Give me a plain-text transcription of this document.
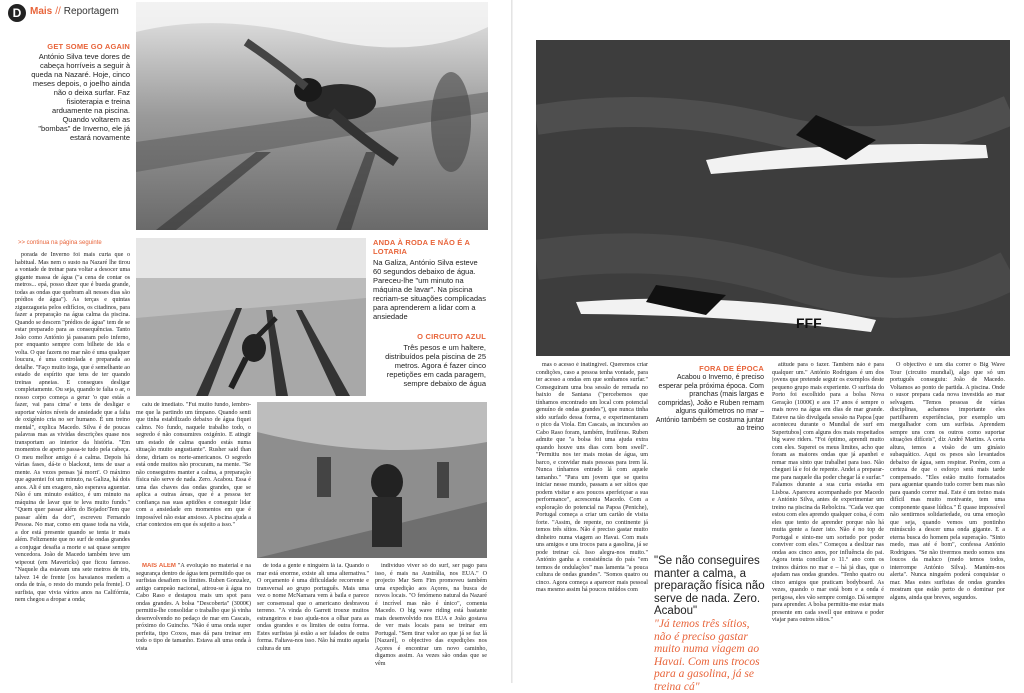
D Mais // Reportagem
GET SOME GO AGAIN
António Silva teve dores de cabeça horríveis a seguir à queda na Nazaré. Hoje, cinco meses depois, o joelho ainda não o deixa surfar. Faz fisioterapia e treina arduamente na piscina. Quando voltarem as "bombas" de Inverno, ele já estará novamente
>> continua na página seguinte	ANDA À RODA E NÃO É A LOTARIA
Na Galiza, António Silva esteve 60 segundos debaixo de água. Pareceu-lhe "um minuto na máquina de lavar". Na piscina recriam-se situações complicadas para aprenderem a lidar com a ansiedade
O CIRCUITO AZUL
Três pesos e um haltere, distribuídos pela piscina de 25 metros. Agora é fazer cinco repetições em cada paragem, sempre debaixo de água
FFF

porada de Inverno foi mais curta que o habitual. Mas nem o susto na Nazaré lhe tirou a vontade de treinar para voltar a desocer uma gigante massa de água ("a cena de contar os metros... epá, posso dizer que é bueda grande, todas as ondas que quebram ali nesses dias são prédios de água"). As terças e quintas ziguezagueia pelos edifícios, os citadinos, para fazer a preparação na água calma da piscina. Quando se descem "prédios de água" tem de se estar preparado para as consequências. Tanto João como António já passaram pelo inferno, por enquanto sempre com bilhete de ida e volta. O que fazem no mar não é uma qualquer loucura, é uma controlada e preparada ao detalhe. "Faço muito ioga, que é semelhante ao estado de espírito que tens de ter quando treinas apneias. E consegues desligar completamente. Ou seja, quando te falta o ar, o nosso corpo começa a gerar 'o que estás a fazer, vai para cima' e tens de desligar e suportar vários níveis de ansiedade que a falta de oxigénio cria no ser humano. É um treino mental", explica Macedo. Silva é de poucas palavras mas as vividas descrições quase nos transportam ao interior da história. "Em momentos de aperto passa-te tudo pela cabeça. O meu melhor amigo é a calma. Depois há várias fases, dá-te o blackout, tens de usar a mente. As vezes pensas 'já morri'. O máximo que aguentei foi um minuto, na Galiza, há dois anos. Ali é um exagero, não esperava aguentar. Não é um minuto estático, é um minuto na máquina de lavar que te leva muito fundo." "Quem quer passar além do Bojador/Tem que passar além da dor", escreveu Fernando Pessoa. No mar, como em quase toda na vida, a dor está presente quando se tenta ir mais além. Felizmente que no surf de ondas grandes a conjugar desafia a morte e sai quase sempre vencedora. João de Macedo também teve um wipeout (em Mavericks) que ficou famoso. "Naquele dia estavam uns sete metros de tris, talvez 14 de frente [os havaianos medem a onda de trás, o resto do mundo pela frente]. O surfista, que vivia vários anos na Califórnia, nem chegou a dropar a onda;

caiu de imediato. "Fui muito fundo, lembro-me que la partindo um tímpano. Quando senti que tinha estabilizado debaixo de água fiquei calmo. No fundo, naquele trabalho todo, o segredo é não consumires oxigénio. E atingir um estado de calma quando estás numa situação muito angustiante". Rusher said than done, diriam os norte-americanos. O segredo está onde muitos não procuram, na mente. "Se não conseguires manter a calma, a preparação física não serve de nada. Zero. Acabou. Essa é uma das chaves das ondas grandes, que se aplica a outras áreas, que é a pessoa ter confiança nas suas aptidões e conseguir lidar com a ansiedade em momentos em que é impossível não estar ansioso. A piscina ajuda a criar contextos em que és sujeito a isso."

MAIS ALÉM "A evolução no material e na segurança dentro de água tem permitido que os surfistas desafiem os limites. Ruben Gonzalez, antigo campeão nacional, atirou-se à água no Cabo Raso e destapou mais um spot para ondas grandes. A bolsa "Descoberta" (3000€) permitiu-lhe consolidar o trabalho que já vinha desenvolvendo no pedaço de mar em Cascais, próximo do Guincho. "Não é uma onda super perfeita, tipo Coxos, mas dá para treinar em todo o tipo de tamanho. Estava ali uma onda à vista

de toda a gente e ninguém lá ia. Quando o mar está enorme, existe ali uma alternativa." O orçamento é uma dificuldade recorrente e transversal ao grupo português. Mais uma vez o nome McNamara vem à baila e parece ser consensual que o americano desbravou terreno. "A vinda do Garrett trouxe muitos estrangeiros e isso ajuda-nos a olhar para as ondas grandes e os limites de outra forma. Estes surfistas já estão a ser falados de outra forma. Faltava-nos isso. Não há muito aquela cultura de um

indivíduo viver só do surf, ser pago para isso, é mais na Austrália, nos EUA." O projecto Mar Sem Fim promoveu também uma expedição aos Açores, na busca de novos locais. "O fenómeno natural da Nazaré é incrível mas não é único", comenta Macedo. O big wave riding está bastante mais desenvolvido nos EUA e João gostava de ver mais locais para se treinar em Portugal. "Sem tirar valor ao que já se faz lá [Nazaré], o objectivo das expedições nos Açores é encontrar um novo caminho, digamos assim. As vezes são ondas que se vêm

mas o acesso é inatingível. Queremos criar condições, caso a pessoa tenha vontade, para ter acesso a ondas em que sonhamos surfar." Conseguiram uma boa sessão de remada no baixio de Santana ("percebemos que tínhamos encontrado um local com potencial genuíno de ondas grandes"), que nunca tinha sido surfado dessa forma, e experimentaram o pico da Viola. Em Cascais, as incursões ao Cabo Raso foram, também, frutíferas. Ruben admite que "a bolsa foi uma ajuda extra quando houve uns dias com bom swell". "Permitiu nos ter mais motas de água, um barco, e convidar mais pessoas para irem lá. Nunca tínhamos entrado lá com aquele tamanho." "Para um jovem que se queira iniciar nesse mundo, passam a ser sítios que podem visitar e aos poucos aperfeiçoar a sua performance", acrescenta Macedo. Com a exploração do potencial na Papoa (Peniche), Portugal começa a criar um cartão de visita forte. "Assim, de repente, no continente já temos três sítios. Não é preciso gastar muito dinheiro numa viagem ao Havai. Com mais uns amigos e uns trocos para a gasolina, já se pode treinar cá. Isso alegra-nos muito." António ganha a consistência do país "em termos de ondulações" mas lamenta "a pouca cultura de ondas grandes". "Somos quatro ou cinco. Agora começa a aparecer mais pessoal mas mesmo assim há poucos miúdos com

FORA DE ÉPOCA
Acabou o Inverno, é preciso esperar pela próxima época. Com pranchas (mais largas e compridas), João e Ruben remam alguns quilómetros no mar – António também se costuma juntar ao treino
"Se não conseguires manter a calma, a preparação física não serve de nada. Zero. Acabou"
"Já temos três sítios, não é preciso gastar muito numa viagem ao Havai. Com uns trocos para a gasolina, já se treina cá"

atitude para o fazer. Também não é para qualquer um." António Rodrigues é um dos jovens que pretende seguir os exemplos deste pequeno grupo mais experiente. O surfista do Porto foi escolhido para a bolsa Nova Geração (1000€) e aos 17 anos é sempre o mais novo na água em dias de mar grande. Esteve na tão divulgada sessão na Papoa [que aconteceu durante o Mundial de surf em Supertubos] com alguns dos mais respeitados big wave riders. "Foi óptimo, aprendi muito com eles. Superei os meus limites, acho que foram as maiores ondas que já apanhei e remar mas sinto que trabalhei para isso. Não cheguei lá e foi de repente. Andei a preparar-me para naquele dia poder chegar lá e surfar." Falamos durante a sua curta estadia em Lisboa. Apareceu acompanhado por Macedo e António Silva, antes de experimentar um treino na piscina da Rebolcira. "Cada vez que estou com eles aprendo qualquer coisa, é com eles que tento de aprender porque não há muita gente a fazer isto. Não é no top de Portugal e sinto-me um sortudo por poder conviver com eles." Começou a deslizar nas ondas aos cinco anos, por influência do pai. Agora tenta conciliar o 11.º ano com os treinos diários no mar e – há já dias, que o ajudam nas ondas grandes. "Tenho quatro ou cinco amigos que praticam bodyboard. As vezes, quando o mar está bom e a onda é perigosa, eles vão sempre comigo. Dá sempre para aprender. A bolsa permitiu-me estar mais presente em cada swell que entrava e poder viajar para outros sítios."

O objectivo é um dia correr o Big Wave Tour (circuito mundial), algo que só um português conseguiu: João de Macedo. Voltamos ao ponto de partida. A piscina. Onde o susor prepara cada nova investida ao mar selvagem. "Temos pessoas de várias disciplinas, achamos importante eles partilharem experiências, por exemplo um mergulhador com um surfista. Aprendem sempre uns com os outros como suportar situações difíceis", diz André Martins. A certa altura, temos a visão de um ginásio subaquático. Aqui os pesos são levantados debaixo de água, sem respirar. Porém, com a certeza de que o esforço será mais tarde compensado. "Eles estão muito formatados para aguentar quando tudo correr bem mas não para quando correr mal. Este é um treino mais difícil mas muito motivante, tem uma componente quase lúdica." É quase impossível não sentirmos solidariedade, ou uma emoção que seja, quando vemos um pontinho minúsculo a descer uma onda gigante. E a eterna busca do homem pela superação. "Sinto medo, mas até é bom", confessa António Rodrigues. "Se não tivermos medo somos uns loucos da maluco (medo temos todos, interrompe António Silva). Mantém-nos alerta". Nunca ninguém poderá conquistar o mar. Mas estes surfistas de ondas grandes mostram que estão perto de o dominar por alguns, ainda que breves, segundos.
